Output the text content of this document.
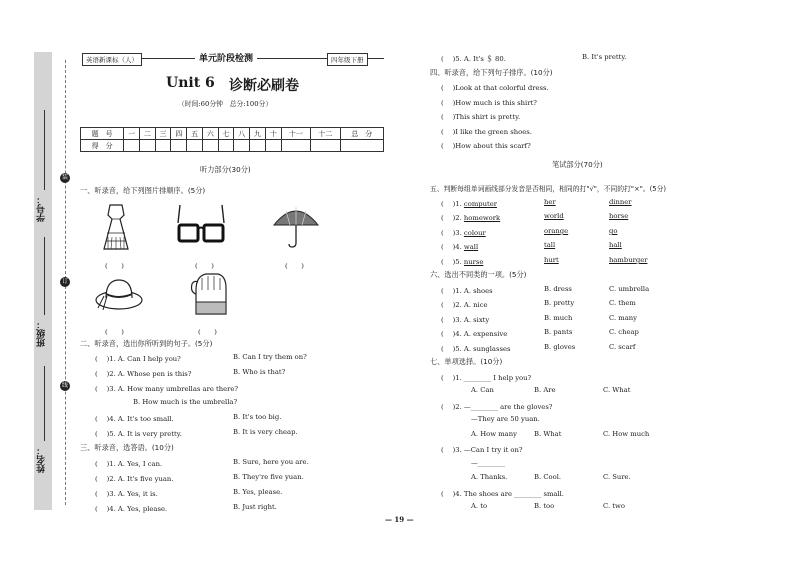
装
订
线
姓名：
班级：
学号：
英语新课标（人）	单元阶段检测	四年级下册
Unit 6 诊断必刷卷
（时间:60分钟　总分:100分）
题　号	一	二	三	四	五	六	七	八	九	十	十一	十二	总　分
得　分													
听力部分(30分)
一、听录音，给下列图片排顺序。(5分)
(　　)	(　　)	(　　)
(　　)	(　　)
二、听录音，选出你所听到的句子。(5分)
(　 )1. A. Can I help you?	B. Can I try them on?
(　 )2. A. Whose pen is this?	B. Who is that?
(　 )3. A. How many umbrellas are there?
B. How much is the umbrella?
(　 )4. A. It's too small.	B. It's too big.
(　 )5. A. It is very pretty.	B. It is very cheap.
三、听录音，选答语。(10分)
(　 )1. A. Yes, I can.	B. Sure, here you are.
(　 )2. A. It's five yuan.	B. They're five yuan.
(　 )3. A. Yes, it is.	B. Yes, please.
(　 )4. A. Yes, please.	B. Just right.
(　 )5. A. It's ＄ 80.	B. It's pretty.
四、听录音，给下列句子排序。(10分)
(　 )Look at that colorful dress.
(　 )How much is this shirt?
(　 )This shirt is pretty.
(　 )I like the green shoes.
(　 )How about this scarf?
笔试部分(70分)
五、判断每组单词画线部分发音是否相同，相同的打"√"，不同的打"×"。(5分)
(　 )1. computer	her	dinner
(　 )2. homework	world	horse
(　 )3. colour	orange	go
(　 )4. wall	tall	hall
(　 )5. nurse	hurt	hamburger
六、选出不同类的一项。(5分)
(　 )1. A. shoes	B. dress	C. umbrella
(　 )2. A. nice	B. pretty	C. them
(　 )3. A. sixty	B. much	C. many
(　 )4. A. expensive	B. pants	C. cheap
(　 )5. A. sunglasses	B. gloves	C. scarf
七、单项选择。(10分)
(　 )1. ________ I help you?
A. Can	B. Are	C. What
(　 )2. —________ are the gloves?
—They are 50 yuan.
A. How many	B. What	C. How much
(　 )3. —Can I try it on?
—________
A. Thanks.	B. Cool.	C. Sure.
(　 )4. The shoes are ________ small.
A. to	B. too	C. two
— 19 —
